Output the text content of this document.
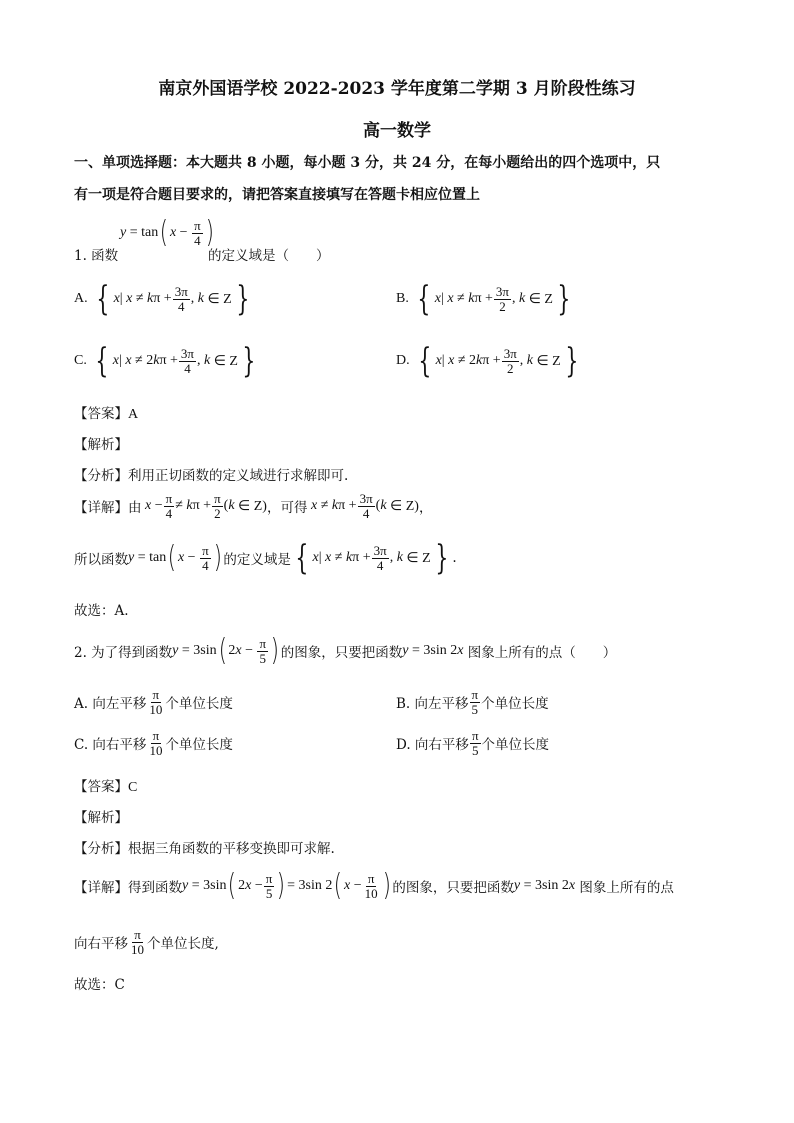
南京外国语学校 2022-2023 学年度第二学期 3 月阶段性练习
高一数学
一、单项选择题：本大题共 8 小题，每小题 3 分，共 24 分，在每小题给出的四个选项中，只
有一项是符合题目要求的，请把答案直接填写在答题卡相应位置上
1. 函数
y = tan ( $x - \frac{\pi}{4}$ )
的定义域是（　　）
A.
{ x | x ≠ k $\pi + \frac{3\pi}{4}$ , k ∈ Z }	B.
{ x | x ≠ k $\pi + \frac{3\pi}{2}$ , k ∈ Z }
C.
{ x | x ≠ 2 k $\pi + \frac{3\pi}{4}$ , k ∈ Z }	D.
{ x | x ≠ 2 k $\pi + \frac{3\pi}{2}$ , k ∈ Z }
【答案】A
【解析】
【分析】利用正切函数的定义域进行求解即可.
【详解】 由 $x - \frac{\pi}{4} \ne k$ $\pi + \frac{\pi}{2}$ ( k ∈ Z) ，可得 x ≠ k $\pi + \frac{3\pi}{4}$ ( k ∈ Z) ，
所以函数 y = tan ( $x - \frac{\pi}{4}$ ) 的定义域是 { x | x ≠ k $\pi + \frac{3\pi}{4}$ , k ∈ Z } .
故选：A.
2. 为了得到函数 y = 3sin ( 2 $x - \frac{\pi}{5}$ ) 的图象，只要把函数 y = 3sin 2 x
图象上所有的点（　　）
A. 向左平移 $\frac{\pi}{10}$ 个单位长度	B. 向左平移 $\frac{\pi}{5}$ 个单位长度
C. 向右平移 $\frac{\pi}{10}$ 个单位长度	D. 向右平移 $\frac{\pi}{5}$ 个单位长度
【答案】C
【解析】
【分析】根据三角函数的平移变换即可求解.
【详解】 得到函数 y = 3sin ( 2 $x - \frac{\pi}{5}$ ) = 3sin 2 ( $x - \frac{\pi}{10}$ ) 的图象，只要把函数 y = 3sin 2 x
图象上所有的点
向右平移 $\frac{\pi}{10}$ 个单位长度,
故选：C
